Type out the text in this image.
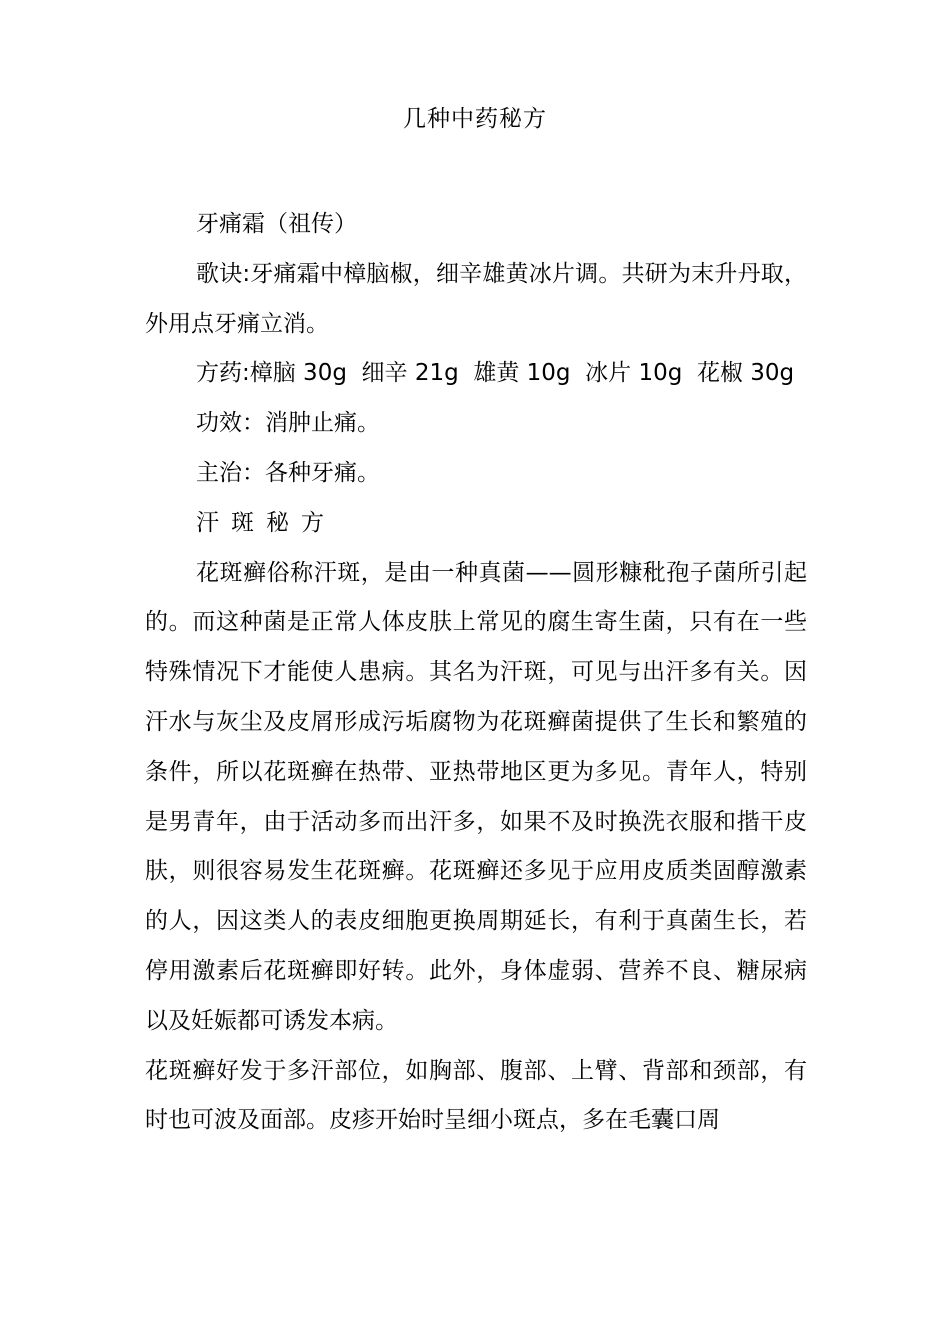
几种中药秘方

牙痛霜（祖传）

歌诀:牙痛霜中樟脑椒，细辛雄黄冰片调。共研为末升丹取，外用点牙痛立消。

方药:樟脑 30g  细辛 21g  雄黄 10g  冰片 10g  花椒 30g

功效：消肿止痛。

主治：各种牙痛。

汗斑秘方

花斑癣俗称汗斑，是由一种真菌——圆形糠秕孢子菌所引起的。而这种菌是正常人体皮肤上常见的腐生寄生菌，只有在一些特殊情况下才能使人患病。其名为汗斑，可见与出汗多有关。因汗水与灰尘及皮屑形成污垢腐物为花斑癣菌提供了生长和繁殖的条件，所以花斑癣在热带、亚热带地区更为多见。青年人，特别是男青年，由于活动多而出汗多，如果不及时换洗衣服和揩干皮肤，则很容易发生花斑癣。花斑癣还多见于应用皮质类固醇激素的人，因这类人的表皮细胞更换周期延长，有利于真菌生长，若停用激素后花斑癣即好转。此外，身体虚弱、营养不良、糖尿病以及妊娠都可诱发本病。

花斑癣好发于多汗部位，如胸部、腹部、上臂、背部和颈部，有时也可波及面部。皮疹开始时呈细小斑点，多在毛囊口周
